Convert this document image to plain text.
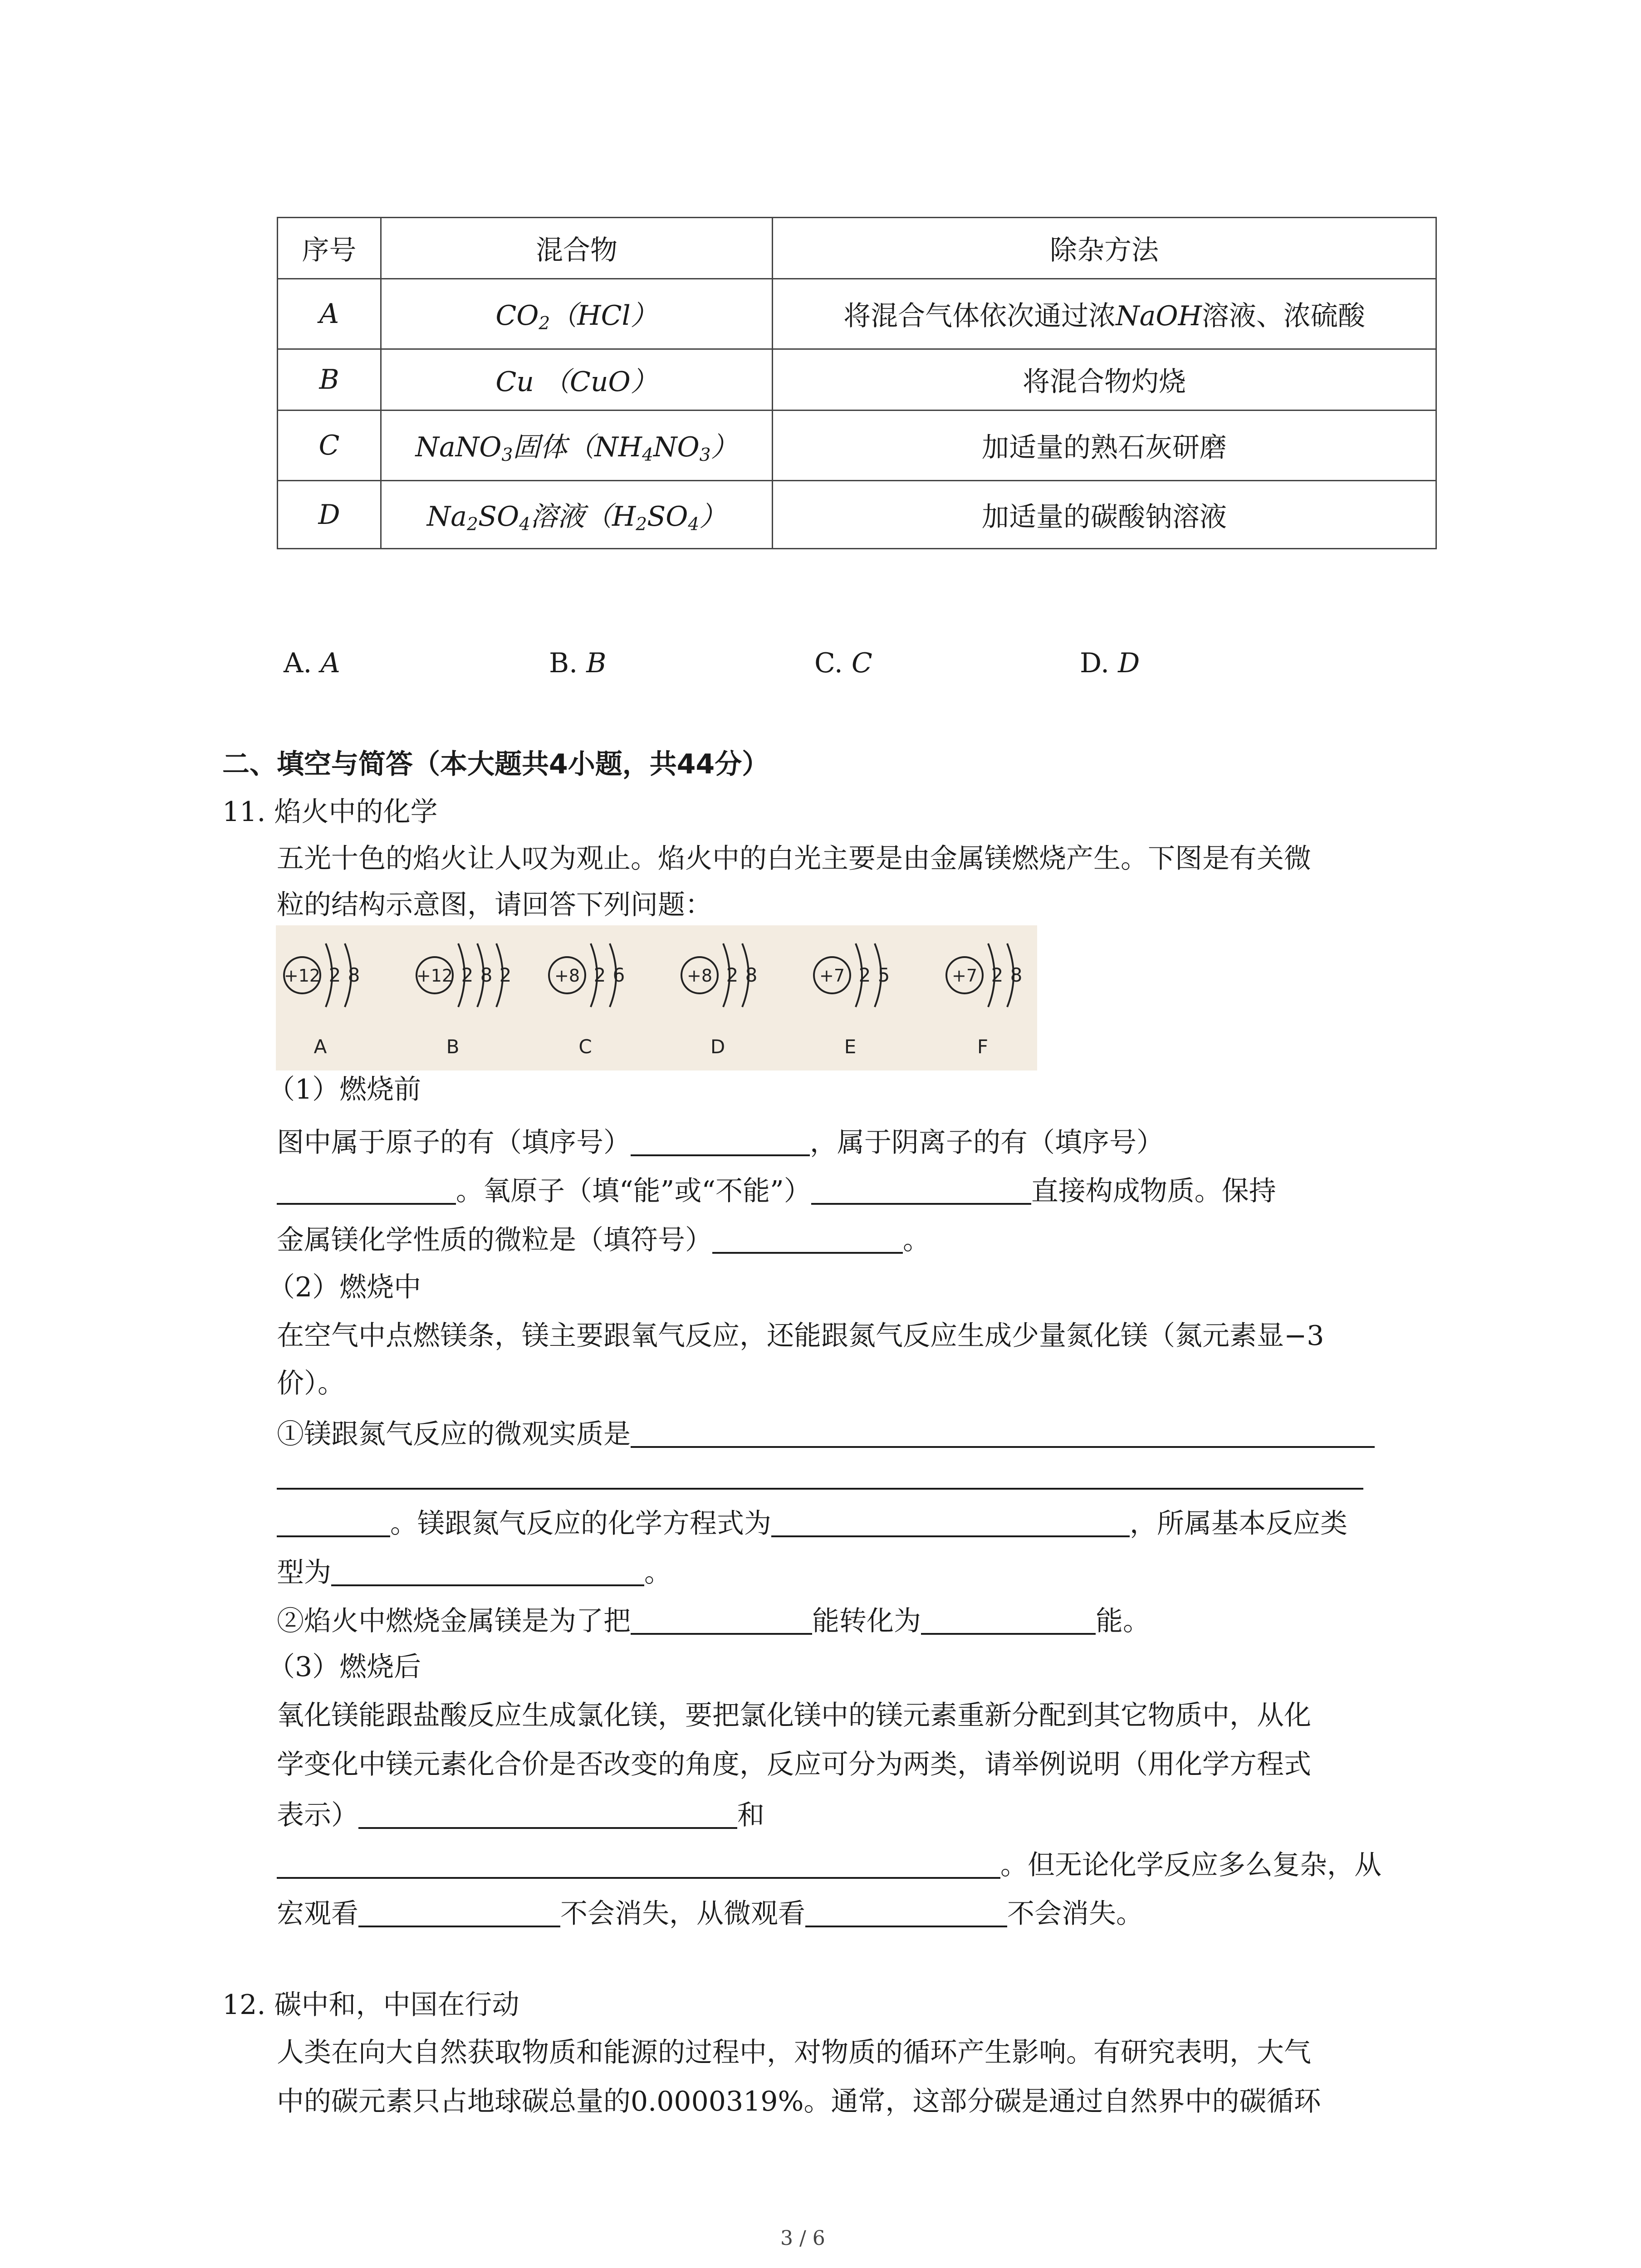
序号	混合物	除杂方法
A	$CO_2(HCl)$	将混合气体依次通过浓NaOH溶液、浓硫酸
B	Cu （CuO）	将混合物灼烧
C	NaNO$_3$固体$(NH_4NO_3)$	加适量的熟石灰研磨
D	$Na_2SO_4$溶液$(H_2SO_4)$	加适量的碳酸钠溶液
A. A	B. B	C. C	D. D
二、填空与简答（本大题共4小题，共44分）
11. 焰火中的化学
五光十色的焰火让人叹为观止。焰火中的白光主要是由金属镁燃烧产生。下图是有关微
粒的结构示意图，请回答下列问题：
+12 2 8
A
+12 2 8 2
B
+8 2 6
C
+8 2 8
D
+7 2 5
E
+7 2 8
F
（1）燃烧前
图中属于原子的有（填序号）	，属于阴离子的有（填序号）
。氧原子（填“能”或“不能”）	直接构成物质。保持
金属镁化学性质的微粒是（填符号）	。
（2）燃烧中
在空气中点燃镁条，镁主要跟氧气反应，还能跟氮气反应生成少量氮化镁（氮元素显−3
价）。
①镁跟氮气反应的微观实质是
。镁跟氮气反应的化学方程式为	，所属基本反应类
型为	。
②焰火中燃烧金属镁是为了把	能转化为	能。
（3）燃烧后
氧化镁能跟盐酸反应生成氯化镁，要把氯化镁中的镁元素重新分配到其它物质中，从化
学变化中镁元素化合价是否改变的角度，反应可分为两类，请举例说明（用化学方程式
表示）	和
。但无论化学反应多么复杂，从
宏观看	不会消失，从微观看	不会消失。
12. 碳中和，中国在行动
人类在向大自然获取物质和能源的过程中，对物质的循环产生影响。有研究表明，大气
中的碳元素只占地球碳总量的0.0000319%。通常，这部分碳是通过自然界中的碳循环
3 / 6
